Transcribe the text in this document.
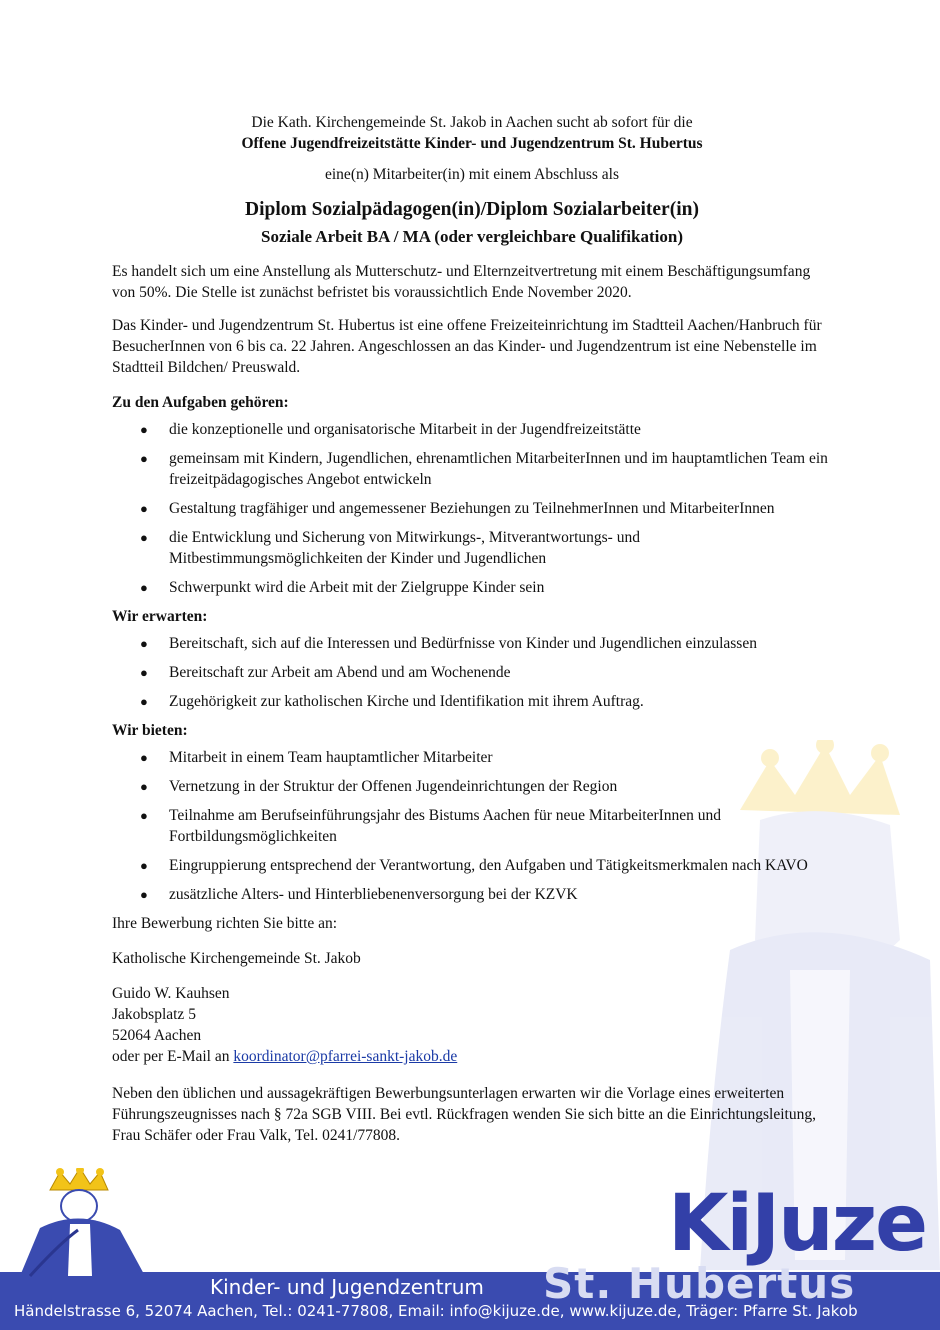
Die Kath. Kirchengemeinde St. Jakob in Aachen sucht ab sofort für die

Offene Jugendfreizeitstätte Kinder- und Jugendzentrum St. Hubertus

eine(n) Mitarbeiter(in) mit einem Abschluss als

Diplom Sozialpädagogen(in)/Diplom Sozialarbeiter(in)
Soziale Arbeit BA / MA (oder vergleichbare Qualifikation)

Es handelt sich um eine Anstellung als Mutterschutz- und Elternzeitvertretung mit einem Beschäftigungsumfang von 50%. Die Stelle ist zunächst befristet bis voraussichtlich Ende November 2020.

Das Kinder- und Jugendzentrum St. Hubertus ist eine offene Freizeiteinrichtung im Stadtteil Aachen/Hanbruch für BesucherInnen von 6 bis ca. 22 Jahren. Angeschlossen an das Kinder- und Jugendzentrum ist eine Nebenstelle im Stadtteil Bildchen/ Preuswald.

Zu den Aufgaben gehören:

● die konzeptionelle und organisatorische Mitarbeit in der Jugendfreizeitstätte
● gemeinsam mit Kindern, Jugendlichen, ehrenamtlichen MitarbeiterInnen und im hauptamtlichen Team ein freizeitpädagogisches Angebot entwickeln
● Gestaltung tragfähiger und angemessener Beziehungen zu TeilnehmerInnen und MitarbeiterInnen
● die Entwicklung und Sicherung von Mitwirkungs-, Mitverantwortungs- und Mitbestimmungsmöglichkeiten der Kinder und Jugendlichen
● Schwerpunkt wird die Arbeit mit der Zielgruppe Kinder sein

Wir erwarten:

● Bereitschaft, sich auf die Interessen und Bedürfnisse von Kinder und Jugendlichen einzulassen
● Bereitschaft zur Arbeit am Abend und am Wochenende
● Zugehörigkeit zur katholischen Kirche und Identifikation mit ihrem Auftrag.

Wir bieten:

● Mitarbeit in einem Team hauptamtlicher Mitarbeiter
● Vernetzung in der Struktur der Offenen Jugendeinrichtungen der Region
● Teilnahme am Berufseinführungsjahr des Bistums Aachen für neue MitarbeiterInnen und Fortbildungsmöglichkeiten
● Eingruppierung entsprechend der Verantwortung, den Aufgaben und Tätigkeitsmerkmalen nach KAVO
● zusätzliche Alters- und Hinterbliebenenversorgung bei der KZVK

Ihre Bewerbung richten Sie bitte an:

Katholische Kirchengemeinde St. Jakob

Guido W. Kauhsen

Jakobsplatz 5

52064 Aachen

oder per E-Mail an koordinator@pfarrei-sankt-jakob.de

Neben den üblichen und aussagekräftigen Bewerbungsunterlagen erwarten wir die Vorlage eines erweiterten Führungszeugnisses nach § 72a SGB VIII. Bei evtl. Rückfragen wenden Sie sich bitte an die Einrichtungsleitung, Frau Schäfer oder Frau Valk, Tel. 0241/77808.

KiJuze
St. Hubertus
Kinder- und Jugendzentrum
Händelstrasse 6, 52074 Aachen, Tel.: 0241-77808, Email: info@kijuze.de, www.kijuze.de, Träger: Pfarre St. Jakob
